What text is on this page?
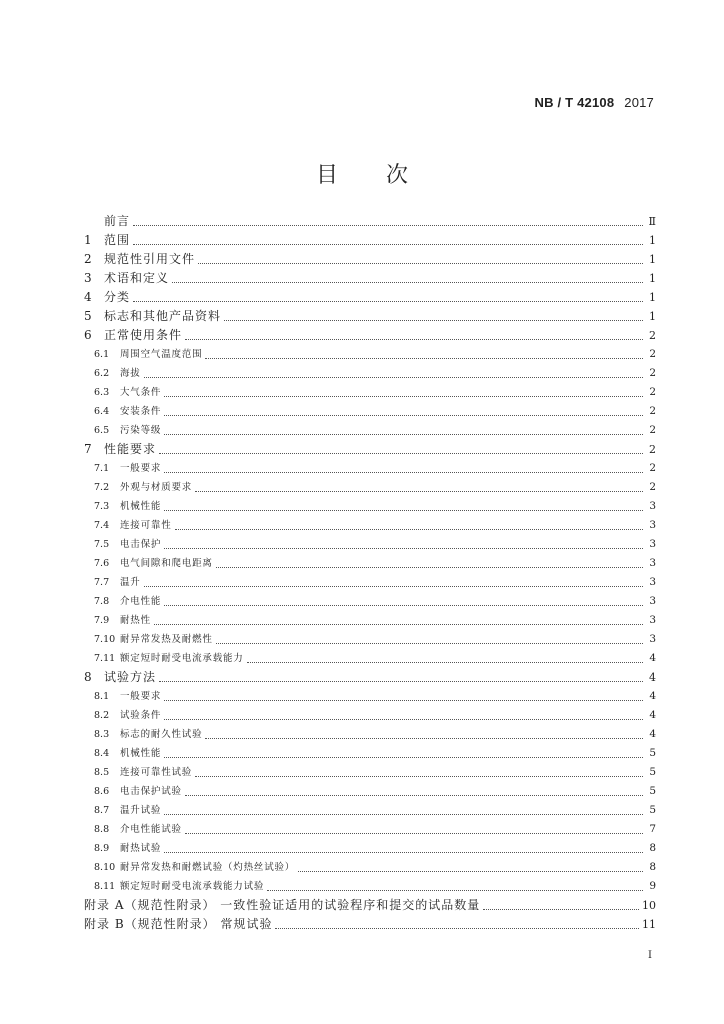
NB / T 42108 2017
目次
前言	Ⅱ
1	范围	1
2	规范性引用文件	1
3	术语和定义	1
4	分类	1
5	标志和其他产品资料	1
6	正常使用条件	2
6.1	周围空气温度范围	2
6.2	海拔	2
6.3	大气条件	2
6.4	安装条件	2
6.5	污染等级	2
7	性能要求	2
7.1	一般要求	2
7.2	外观与材质要求	2
7.3	机械性能	3
7.4	连接可靠性	3
7.5	电击保护	3
7.6	电气间隙和爬电距离	3
7.7	温升	3
7.8	介电性能	3
7.9	耐热性	3
7.10 耐异常发热及耐燃性	3
7.11 额定短时耐受电流承载能力	4
8	试验方法	4
8.1	一般要求	4
8.2	试验条件	4
8.3	标志的耐久性试验	4
8.4	机械性能	5
8.5	连接可靠性试验	5
8.6	电击保护试验	5
8.7	温升试验	5
8.8	介电性能试验	7
8.9	耐热试验	8
8.10 耐异常发热和耐燃试验（灼热丝试验）	8
8.11 额定短时耐受电流承载能力试验	9
附录 A（规范性附录） 一致性验证适用的试验程序和提交的试品数量	10
附录 B（规范性附录） 常规试验	11
I
